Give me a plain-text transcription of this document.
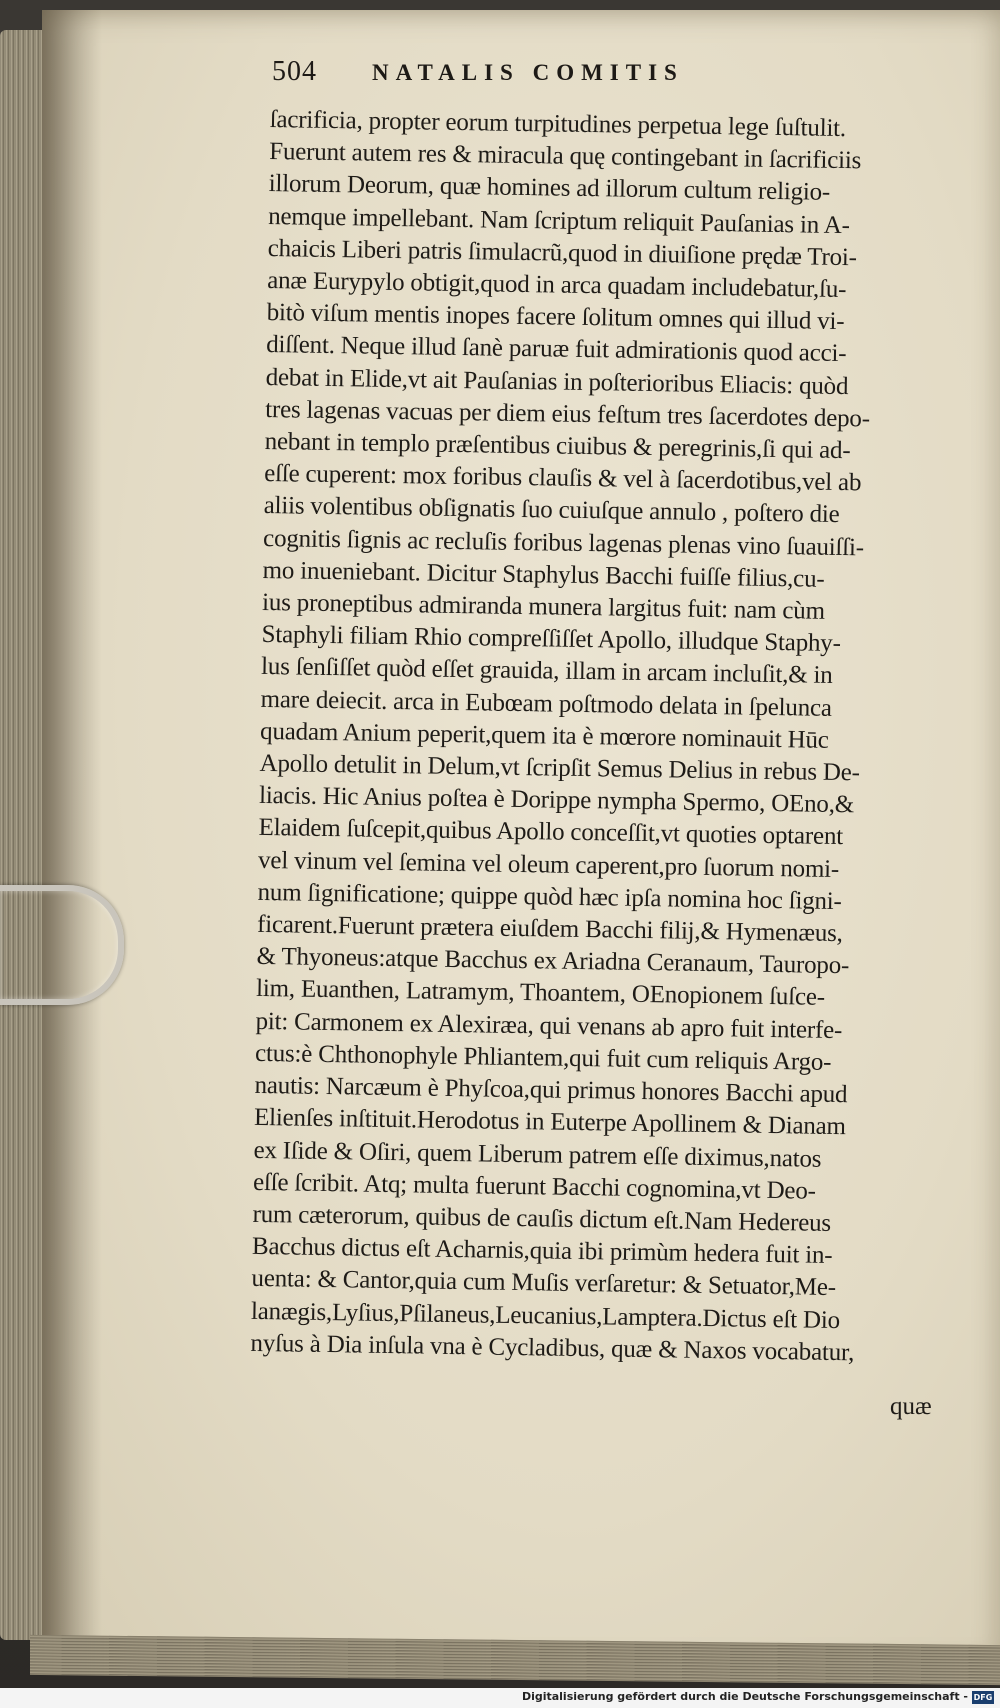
504 NATALIS COMITIS
ſacrificia, propter eorum turpitudines perpetua lege ſuſtulit.
Fuerunt autem res & miracula quę contingebant in ſacrificiis
illorum Deorum, quæ homines ad illorum cultum religio-
nemque impellebant. Nam ſcriptum reliquit Pauſanias in A-
chaicis Liberi patris ſimulacrũ,quod in diuiſione prędæ Troi-
anæ Eurypylo obtigit,quod in arca quadam includebatur,ſu-
bitò viſum mentis inopes facere ſolitum omnes qui illud vi-
diſſent. Neque illud ſanè paruæ fuit admirationis quod acci-
debat in Elide,vt ait Pauſanias in poſterioribus Eliacis: quòd
tres lagenas vacuas per diem eius feſtum tres ſacerdotes depo-
nebant in templo præſentibus ciuibus & peregrinis,ſi qui ad-
eſſe cuperent: mox foribus clauſis & vel à ſacerdotibus,vel ab
aliis volentibus obſignatis ſuo cuiuſque annulo , poſtero die
cognitis ſignis ac recluſis foribus lagenas plenas vino ſuauiſſi-
mo inueniebant. Dicitur Staphylus Bacchi fuiſſe filius,cu-
ius proneptibus admiranda munera largitus fuit: nam cùm
Staphyli filiam Rhio compreſſiſſet Apollo, illudque Staphy-
lus ſenſiſſet quòd eſſet grauida, illam in arcam incluſit,& in
mare deiecit. arca in Eubœam poſtmodo delata in ſpelunca
quadam Anium peperit,quem ita è mœrore nominauit Hūc
Apollo detulit in Delum,vt ſcripſit Semus Delius in rebus De-
liacis. Hic Anius poſtea è Dorippe nympha Spermo, OEno,&
Elaidem ſuſcepit,quibus Apollo conceſſit,vt quoties optarent
vel vinum vel ſemina vel oleum caperent,pro ſuorum nomi-
num ſignificatione; quippe quòd hæc ipſa nomina hoc ſigni-
ficarent.Fuerunt prætera eiuſdem Bacchi filij,& Hymenæus,
& Thyoneus:atque Bacchus ex Ariadna Ceranaum, Tauropo-
lim, Euanthen, Latramym, Thoantem, OEnopionem ſuſce-
pit: Carmonem ex Alexiræa, qui venans ab apro fuit interfe-
ctus:è Chthonophyle Phliantem,qui fuit cum reliquis Argo-
nautis: Narcæum è Phyſcoa,qui primus honores Bacchi apud
Elienſes inſtituit.Herodotus in Euterpe Apollinem & Dianam
ex Iſide & Oſiri, quem Liberum patrem eſſe diximus,natos
eſſe ſcribit. Atq; multa fuerunt Bacchi cognomina,vt Deo-
rum cæterorum, quibus de cauſis dictum eſt.Nam Hedereus
Bacchus dictus eſt Acharnis,quia ibi primùm hedera fuit in-
uenta: & Cantor,quia cum Muſis verſaretur: & Setuator,Me-
lanægis,Lyſius,Pſilaneus,Leucanius,Lamptera.Dictus eſt Dio
nyſus à Dia inſula vna è Cycladibus, quæ & Naxos vocabatur,
quæ
Digitalisierung gefördert durch die Deutsche Forschungsgemeinschaft - DFG
